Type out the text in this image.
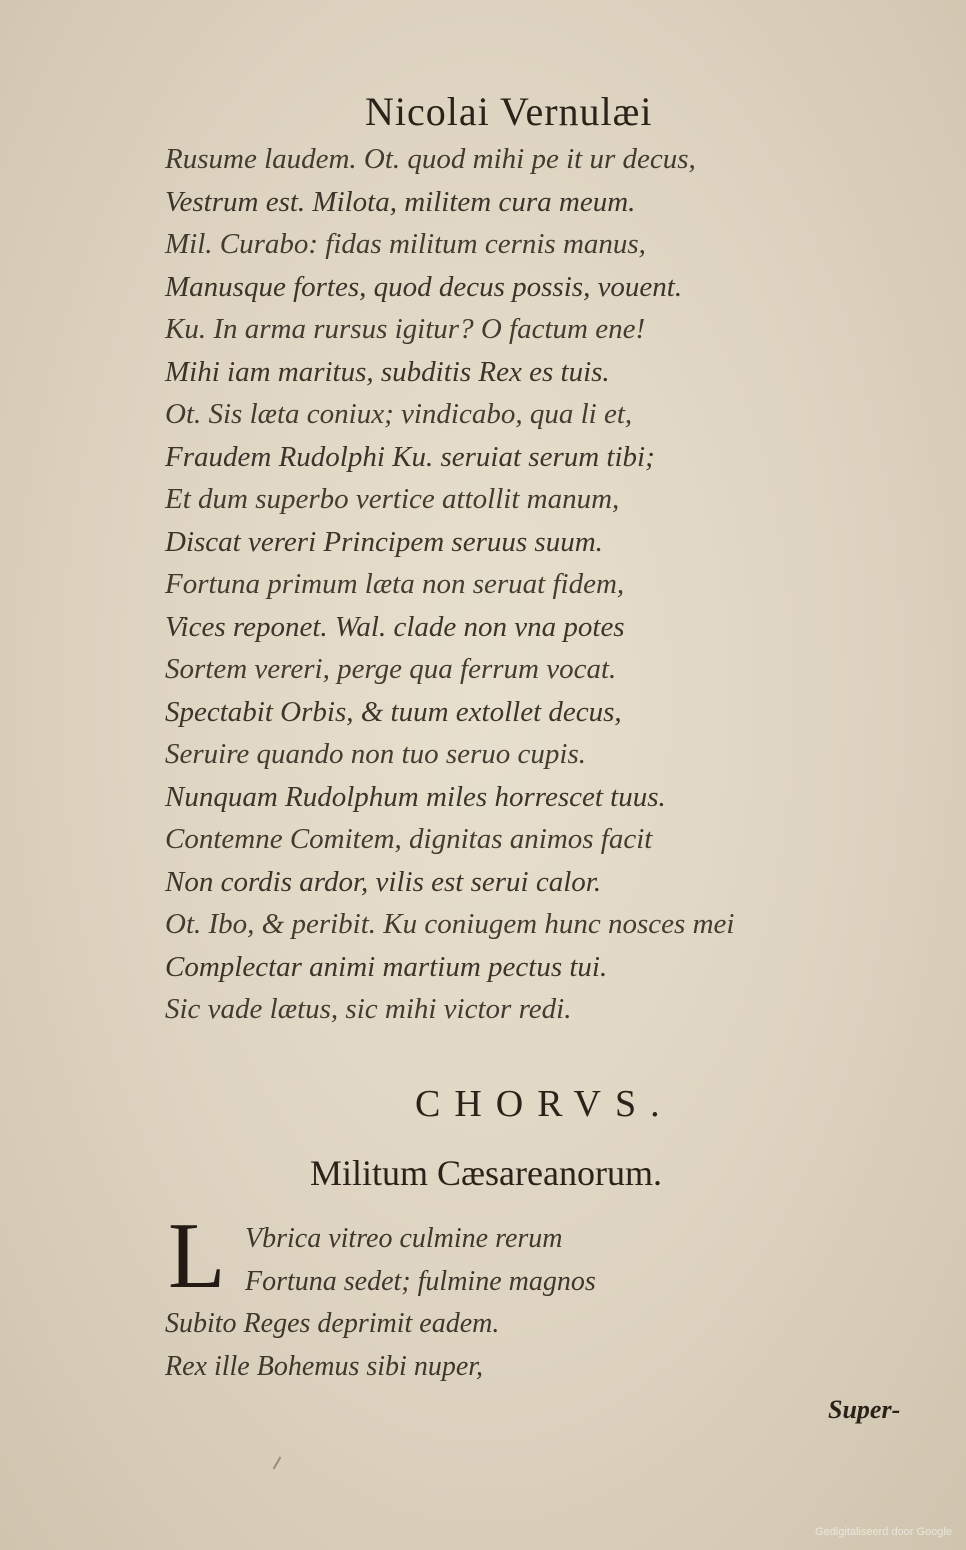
Nicolai Vernulæi
Rusume laudem. Ot. quod mihi pe it ur decus,
Vestrum est. Milota, militem cura meum.
Mil. Curabo: fidas militum cernis manus,
Manusque fortes, quod decus possis, vouent.
Ku. In arma rursus igitur? O factum ene!
Mihi iam maritus, subditis Rex es tuis.
Ot. Sis læta coniux; vindicabo, qua li et,
Fraudem Rudolphi Ku. seruiat serum tibi;
Et dum superbo vertice attollit manum,
Discat vereri Principem seruus suum.
Fortuna primum læta non seruat fidem,
Vices reponet. Wal. clade non vna potes
Sortem vereri, perge qua ferrum vocat.
Spectabit Orbis, & tuum extollet decus,
Seruire quando non tuo seruo cupis.
Nunquam Rudolphum miles horrescet tuus.
Contemne Comitem, dignitas animos facit
Non cordis ardor, vilis est serui calor.
Ot. Ibo, & peribit. Ku coniugem hunc nosces mei
Complectar animi martium pectus tui.
Sic vade lætus, sic mihi victor redi.
CHORVS.
Militum Cæsareanorum.
L Vbrica vitreo culmine rerum
Fortuna sedet; fulmine magnos
Subito Reges deprimit eadem.
Rex ille Bohemus sibi nuper,
Super-
Gedigitaliseerd door Google
